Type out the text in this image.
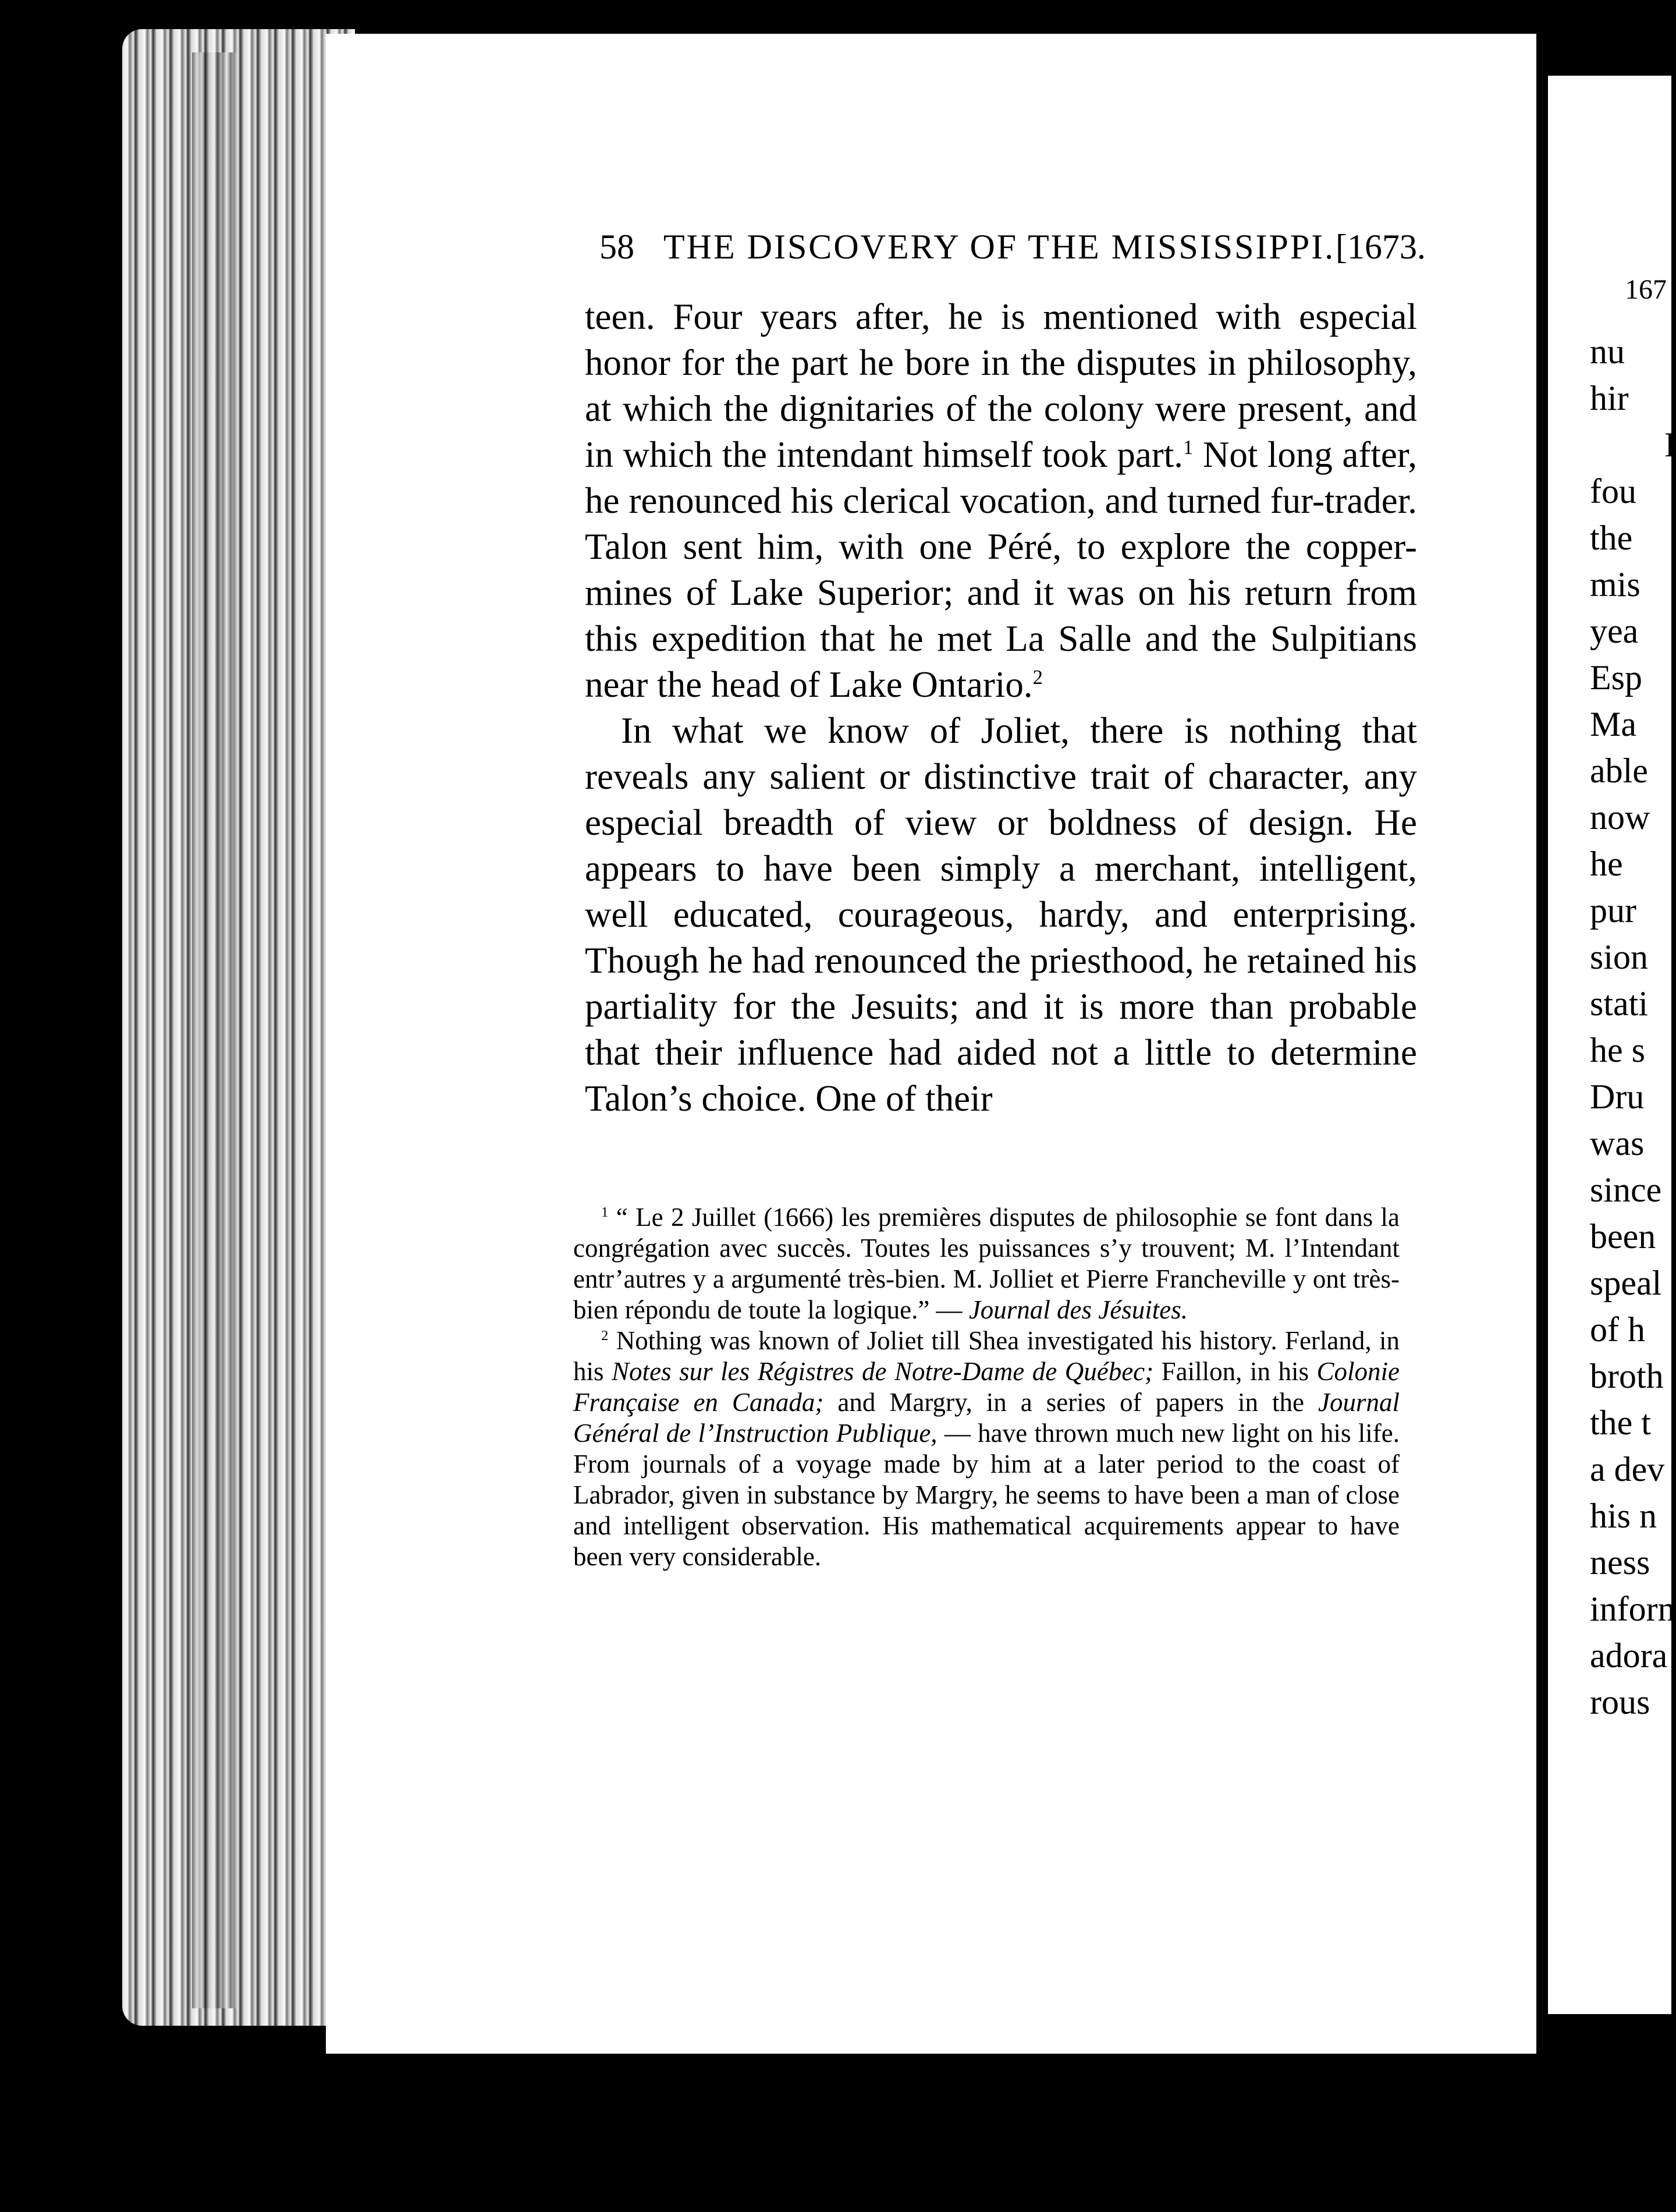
58 THE DISCOVERY OF THE MISSISSIPPI. [1673.

teen. Four years after, he is mentioned with especial honor for the part he bore in the disputes in philosophy, at which the dignitaries of the colony were present, and in which the intendant himself took part.$^1$ Not long after, he renounced his clerical vocation, and turned fur-trader. Talon sent him, with one Péré, to explore the copper-mines of Lake Superior; and it was on his return from this expedition that he met La Salle and the Sulpitians near the head of Lake Ontario.$^2$

In what we know of Joliet, there is nothing that reveals any salient or distinctive trait of character, any especial breadth of view or boldness of design. He appears to have been simply a merchant, intelligent, well educated, courageous, hardy, and enterprising. Though he had renounced the priesthood, he retained his partiality for the Jesuits; and it is more than probable that their influence had aided not a little to determine Talon’s choice. One of their

$^1$ “ Le 2 Juillet (1666) les premières disputes de philosophie se font dans la congrégation avec succès. Toutes les puissances s’y trouvent; M. l’Intendant entr’autres y a argumenté très-bien. M. Jolliet et Pierre Francheville y ont très-bien répondu de toute la logique.” — Journal des Jésuites.

$^2$ Nothing was known of Joliet till Shea investigated his history. Ferland, in his Notes sur les Régistres de Notre-Dame de Québec; Faillon, in his Colonie Française en Canada; and Margry, in a series of papers in the Journal Général de l’Instruction Publique, — have thrown much new light on his life. From journals of a voyage made by him at a later period to the coast of Labrador, given in substance by Margry, he seems to have been a man of close and intelligent observation. His mathematical acquirements appear to have been very considerable.

167
nu
hir
I
fou
the
mis
yea
Esp
Ma
able
now
he
pur
sion
stati
he s
Dru
was
since
been
speal
of h
broth
the t
a dev
his n
ness
inforn
adora
rous
